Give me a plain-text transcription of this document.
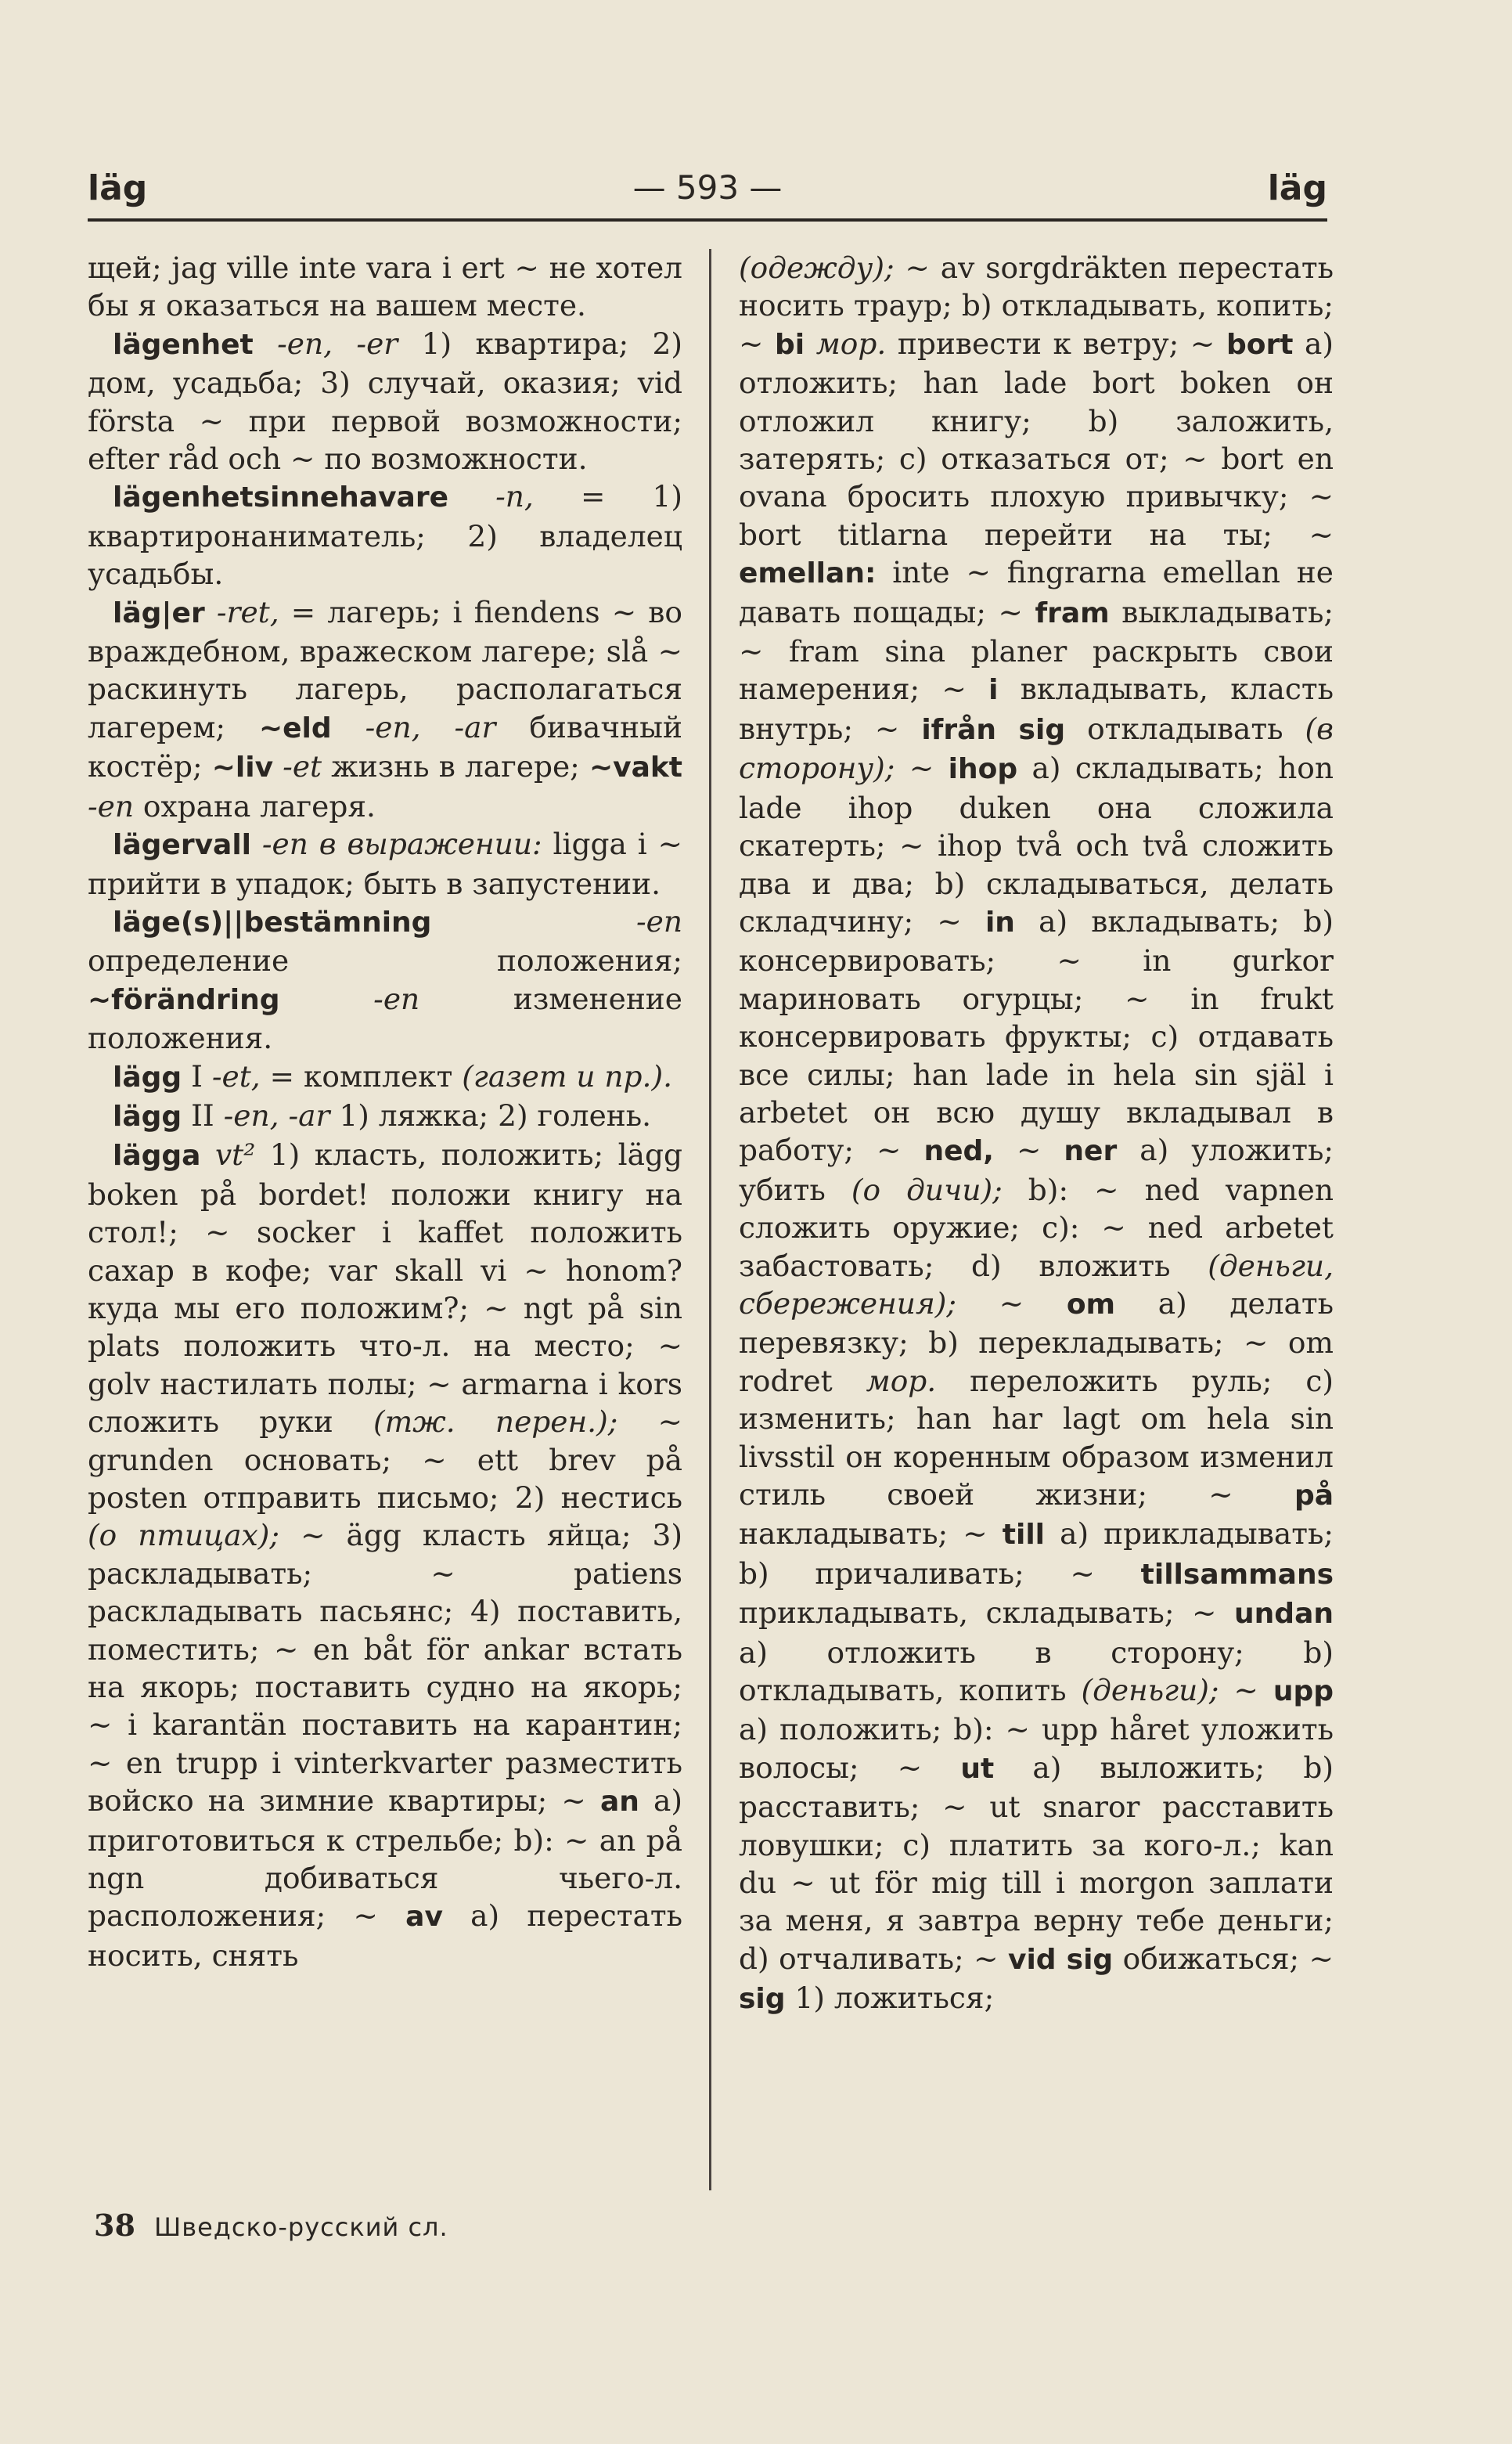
läg	— 593 —	läg

щей; jag ville inte vara i ert ~ не хотел бы я оказаться на вашем месте.

lägenhet -en, -er 1) квартира; 2) дом, усадьба; 3) случай, оказия; vid första ~ при первой возможности; efter råd och ~ по возможности.

lägenhetsinnehavare -n, = 1) квартиронаниматель; 2) владелец усадьбы.

läg|er -ret, = лагерь; i fiendens ~ во враждебном, вражеском лагере; slå ~ раскинуть лагерь, располагаться лагерем; ~eld -en, -ar бивачный костёр; ~liv -et жизнь в лагере; ~vakt -en охрана лагеря.

lägervall -en в выражении: ligga i ~ прийти в упадок; быть в запустении.

läge(s)||bestämning -en определение положения; ~förändring -en изменение положения.

lägg I -et, = комплект (газет и пр.).

lägg II -en, -ar 1) ляжка; 2) голень.

lägga vt² 1) класть, положить; lägg boken på bordet! положи книгу на стол!; ~ socker i kaffet положить сахар в кофе; var skall vi ~ honom? куда мы его положим?; ~ ngt på sin plats положить что-л. на место; ~ golv настилать полы; ~ armarna i kors сложить руки (тж. перен.); ~ grunden основать; ~ ett brev på posten отправить письмо; 2) нестись (о птицах); ~ ägg класть яйца; 3) раскладывать; ~ patiens раскладывать пасьянс; 4) поставить, поместить; ~ en båt för ankar встать на якорь; поставить судно на якорь; ~ i karantän поставить на карантин; ~ en trupp i vinterkvarter разместить войско на зимние квартиры; ~ an a) приготовиться к стрельбе; b): ~ an på ngn добиваться чьего-л. расположения; ~ av a) перестать носить, снять

(одежду); ~ av sorgdräkten перестать носить траур; b) откладывать, копить; ~ bi мор. привести к ветру; ~ bort a) отложить; han lade bort boken он отложил книгу; b) заложить, затерять; c) отказаться от; ~ bort en ovana бросить плохую привычку; ~ bort titlarna перейти на ты; ~ emellan: inte ~ fingrarna emellan не давать пощады; ~ fram выкладывать; ~ fram sina planer раскрыть свои намерения; ~ i вкладывать, класть внутрь; ~ ifrån sig откладывать (в сторону); ~ ihop a) складывать; hon lade ihop duken она сложила скатерть; ~ ihop två och två сложить два и два; b) складываться, делать складчину; ~ in a) вкладывать; b) консервировать; ~ in gurkor мариновать огурцы; ~ in frukt консервировать фрукты; c) отдавать все силы; han lade in hela sin själ i arbetet он всю душу вкладывал в работу; ~ ned, ~ ner a) уложить; убить (о дичи); b): ~ ned vapnen сложить оружие; c): ~ ned arbetet забастовать; d) вложить (деньги, сбережения); ~ om a) делать перевязку; b) перекладывать; ~ om rodret мор. переложить руль; c) изменить; han har lagt om hela sin livsstil он коренным образом изменил стиль своей жизни; ~ på накладывать; ~ till a) прикладывать; b) причаливать; ~ tillsammans прикладывать, складывать; ~ undan a) отложить в сторону; b) откладывать, копить (деньги); ~ upp a) положить; b): ~ upp håret уложить волосы; ~ ut a) выложить; b) расставить; ~ ut snaror расставить ловушки; c) платить за кого-л.; kan du ~ ut för mig till i morgon заплати за меня, я завтра верну тебе деньги; d) отчаливать; ~ vid sig обижаться; ~ sig 1) ложиться;

38 Шведско-русский сл.
